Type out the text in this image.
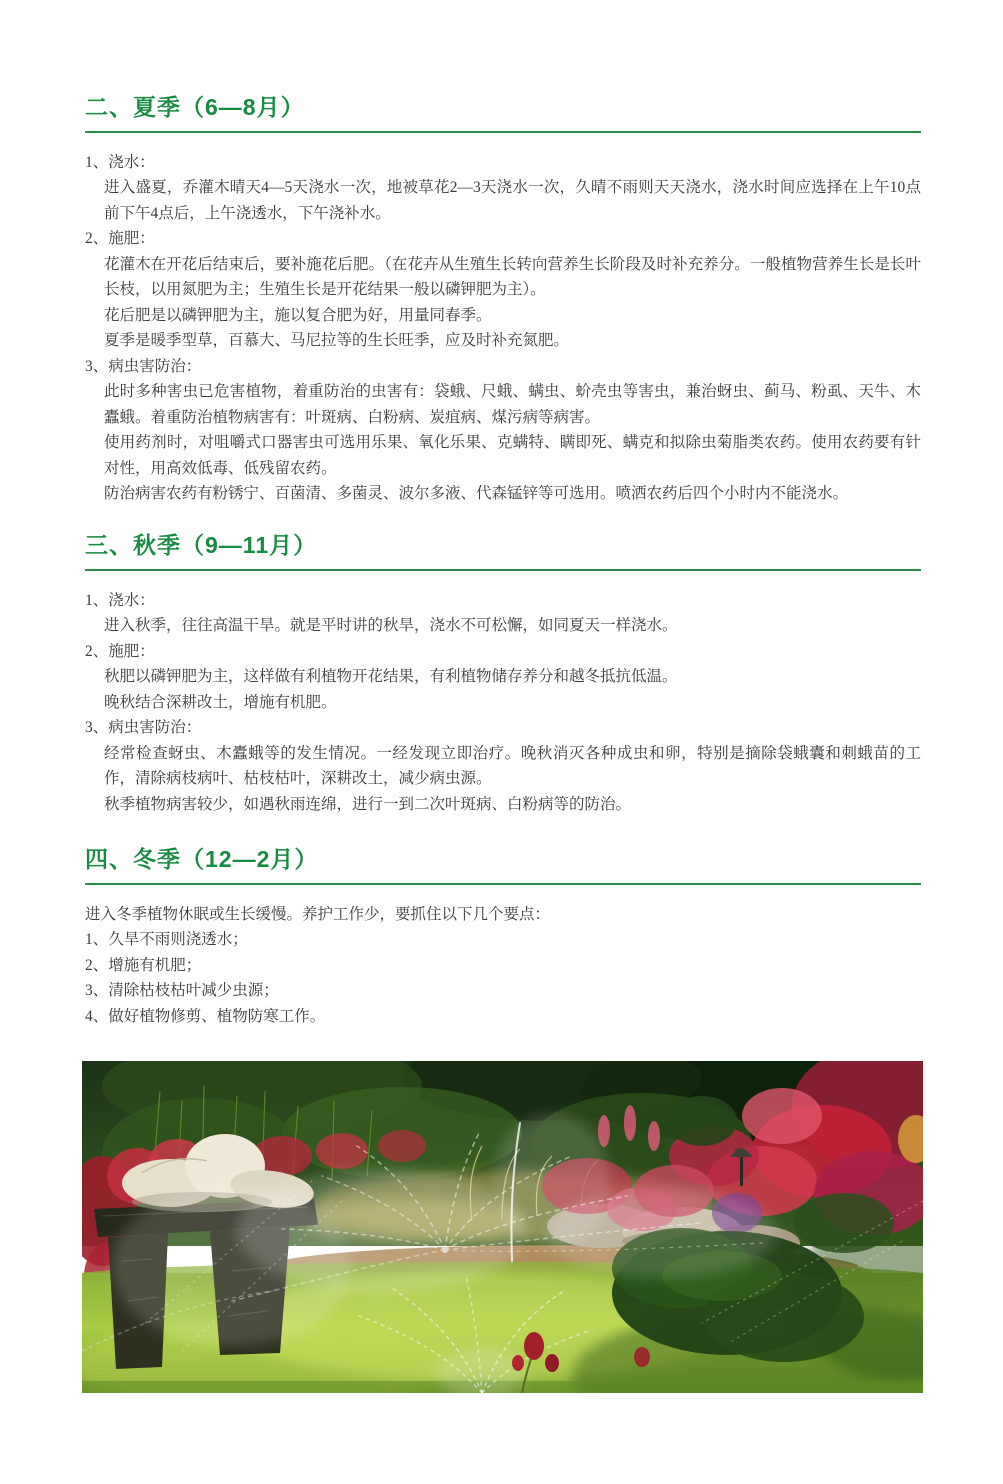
二、夏季（6—8月）

1、浇水：

进入盛夏，乔灌木晴天4—5天浇水一次，地被草花2—3天浇水一次，久晴不雨则天天浇水，浇水时间应选择在上午10点前下午4点后，上午浇透水，下午浇补水。

2、施肥：

花灌木在开花后结束后，要补施花后肥。（在花卉从生殖生长转向营养生长阶段及时补充养分。一般植物营养生长是长叶长枝，以用氮肥为主；生殖生长是开花结果一般以磷钾肥为主）。

花后肥是以磷钾肥为主，施以复合肥为好，用量同春季。

夏季是暖季型草，百慕大、马尼拉等的生长旺季，应及时补充氮肥。

3、病虫害防治：

此时多种害虫已危害植物，着重防治的虫害有：袋蛾、尺蛾、螨虫、蚧壳虫等害虫，兼治蚜虫、蓟马、粉虱、天牛、木蠹蛾。着重防治植物病害有：叶斑病、白粉病、炭疽病、煤污病等病害。

使用药剂时，对咀嚼式口器害虫可选用乐果、氧化乐果、克螨特、瞒即死、螨克和拟除虫菊脂类农药。使用农药要有针对性，用高效低毒、低残留农药。

防治病害农药有粉锈宁、百菌清、多菌灵、波尔多液、代森锰锌等可选用。喷洒农药后四个小时内不能浇水。

三、秋季（9—11月）

1、浇水：

进入秋季，往往高温干旱。就是平时讲的秋旱，浇水不可松懈，如同夏天一样浇水。

2、施肥：

秋肥以磷钾肥为主，这样做有利植物开花结果，有利植物储存养分和越冬抵抗低温。

晚秋结合深耕改土，增施有机肥。

3、病虫害防治：

经常检查蚜虫、木蠹蛾等的发生情况。一经发现立即治疗。晚秋消灭各种成虫和卵，特别是摘除袋蛾囊和刺蛾苗的工作，清除病枝病叶、枯枝枯叶，深耕改土，减少病虫源。

秋季植物病害较少，如遇秋雨连绵，进行一到二次叶斑病、白粉病等的防治。

四、冬季（12—2月）

进入冬季植物休眠或生长缓慢。养护工作少，要抓住以下几个要点：

1、久旱不雨则浇透水；

2、增施有机肥；

3、清除枯枝枯叶减少虫源；

4、做好植物修剪、植物防寒工作。
